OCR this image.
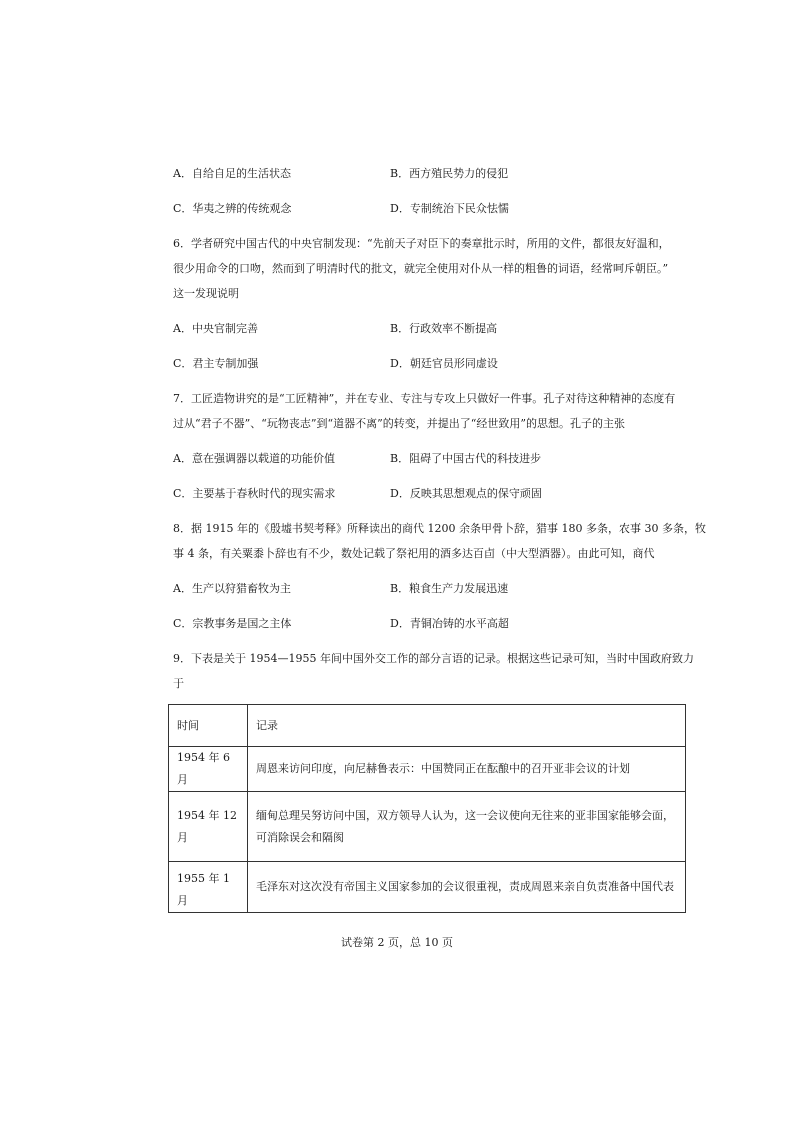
A．自给自足的生活状态	B．西方殖民势力的侵犯
C．华夷之辨的传统观念	D．专制统治下民众怯懦
6．学者研究中国古代的中央官制发现：“先前天子对臣下的奏章批示时，所用的文件，都很友好温和，
很少用命令的口吻，然而到了明清时代的批文，就完全使用对仆从一样的粗鲁的词语，经常呵斥朝臣。”
这一发现说明
A．中央官制完善	B．行政效率不断提高
C．君主专制加强	D．朝廷官员形同虚设
7．工匠造物讲究的是“工匠精神”，并在专业、专注与专攻上只做好一件事。孔子对待这种精神的态度有
过从“君子不器”、“玩物丧志”到“道器不离”的转变，并提出了“经世致用”的思想。孔子的主张
A．意在强调器以载道的功能价值	B．阻碍了中国古代的科技进步
C．主要基于春秋时代的现实需求	D．反映其思想观点的保守顽固
8．据 1915 年的《殷墟书契考释》所释读出的商代 1200 余条甲骨卜辞，猎事 180 多条，农事 30 多条，牧
事 4 条，有关粟黍卜辞也有不少，数处记载了祭祀用的酒多达百卣（中大型酒器）。由此可知，商代
A．生产以狩猎畜牧为主	B．粮食生产力发展迅速
C．宗教事务是国之主体	D．青铜冶铸的水平高超
9．下表是关于 1954—1955 年间中国外交工作的部分言语的记录。根据这些记录可知，当时中国政府致力
于
时间	记录
1954 年 6 月	周恩来访问印度，向尼赫鲁表示：中国赞同正在酝酿中的召开亚非会议的计划

1954 年 12 月	缅甸总理吴努访问中国，双方领导人认为，这一会议使向无往来的亚非国家能够会面，
可消除误会和隔阂

1955 年 1 月	毛泽东对这次没有帝国主义国家参加的会议很重视，责成周恩来亲自负责准备中国代表
试卷第 2 页，总 10 页
